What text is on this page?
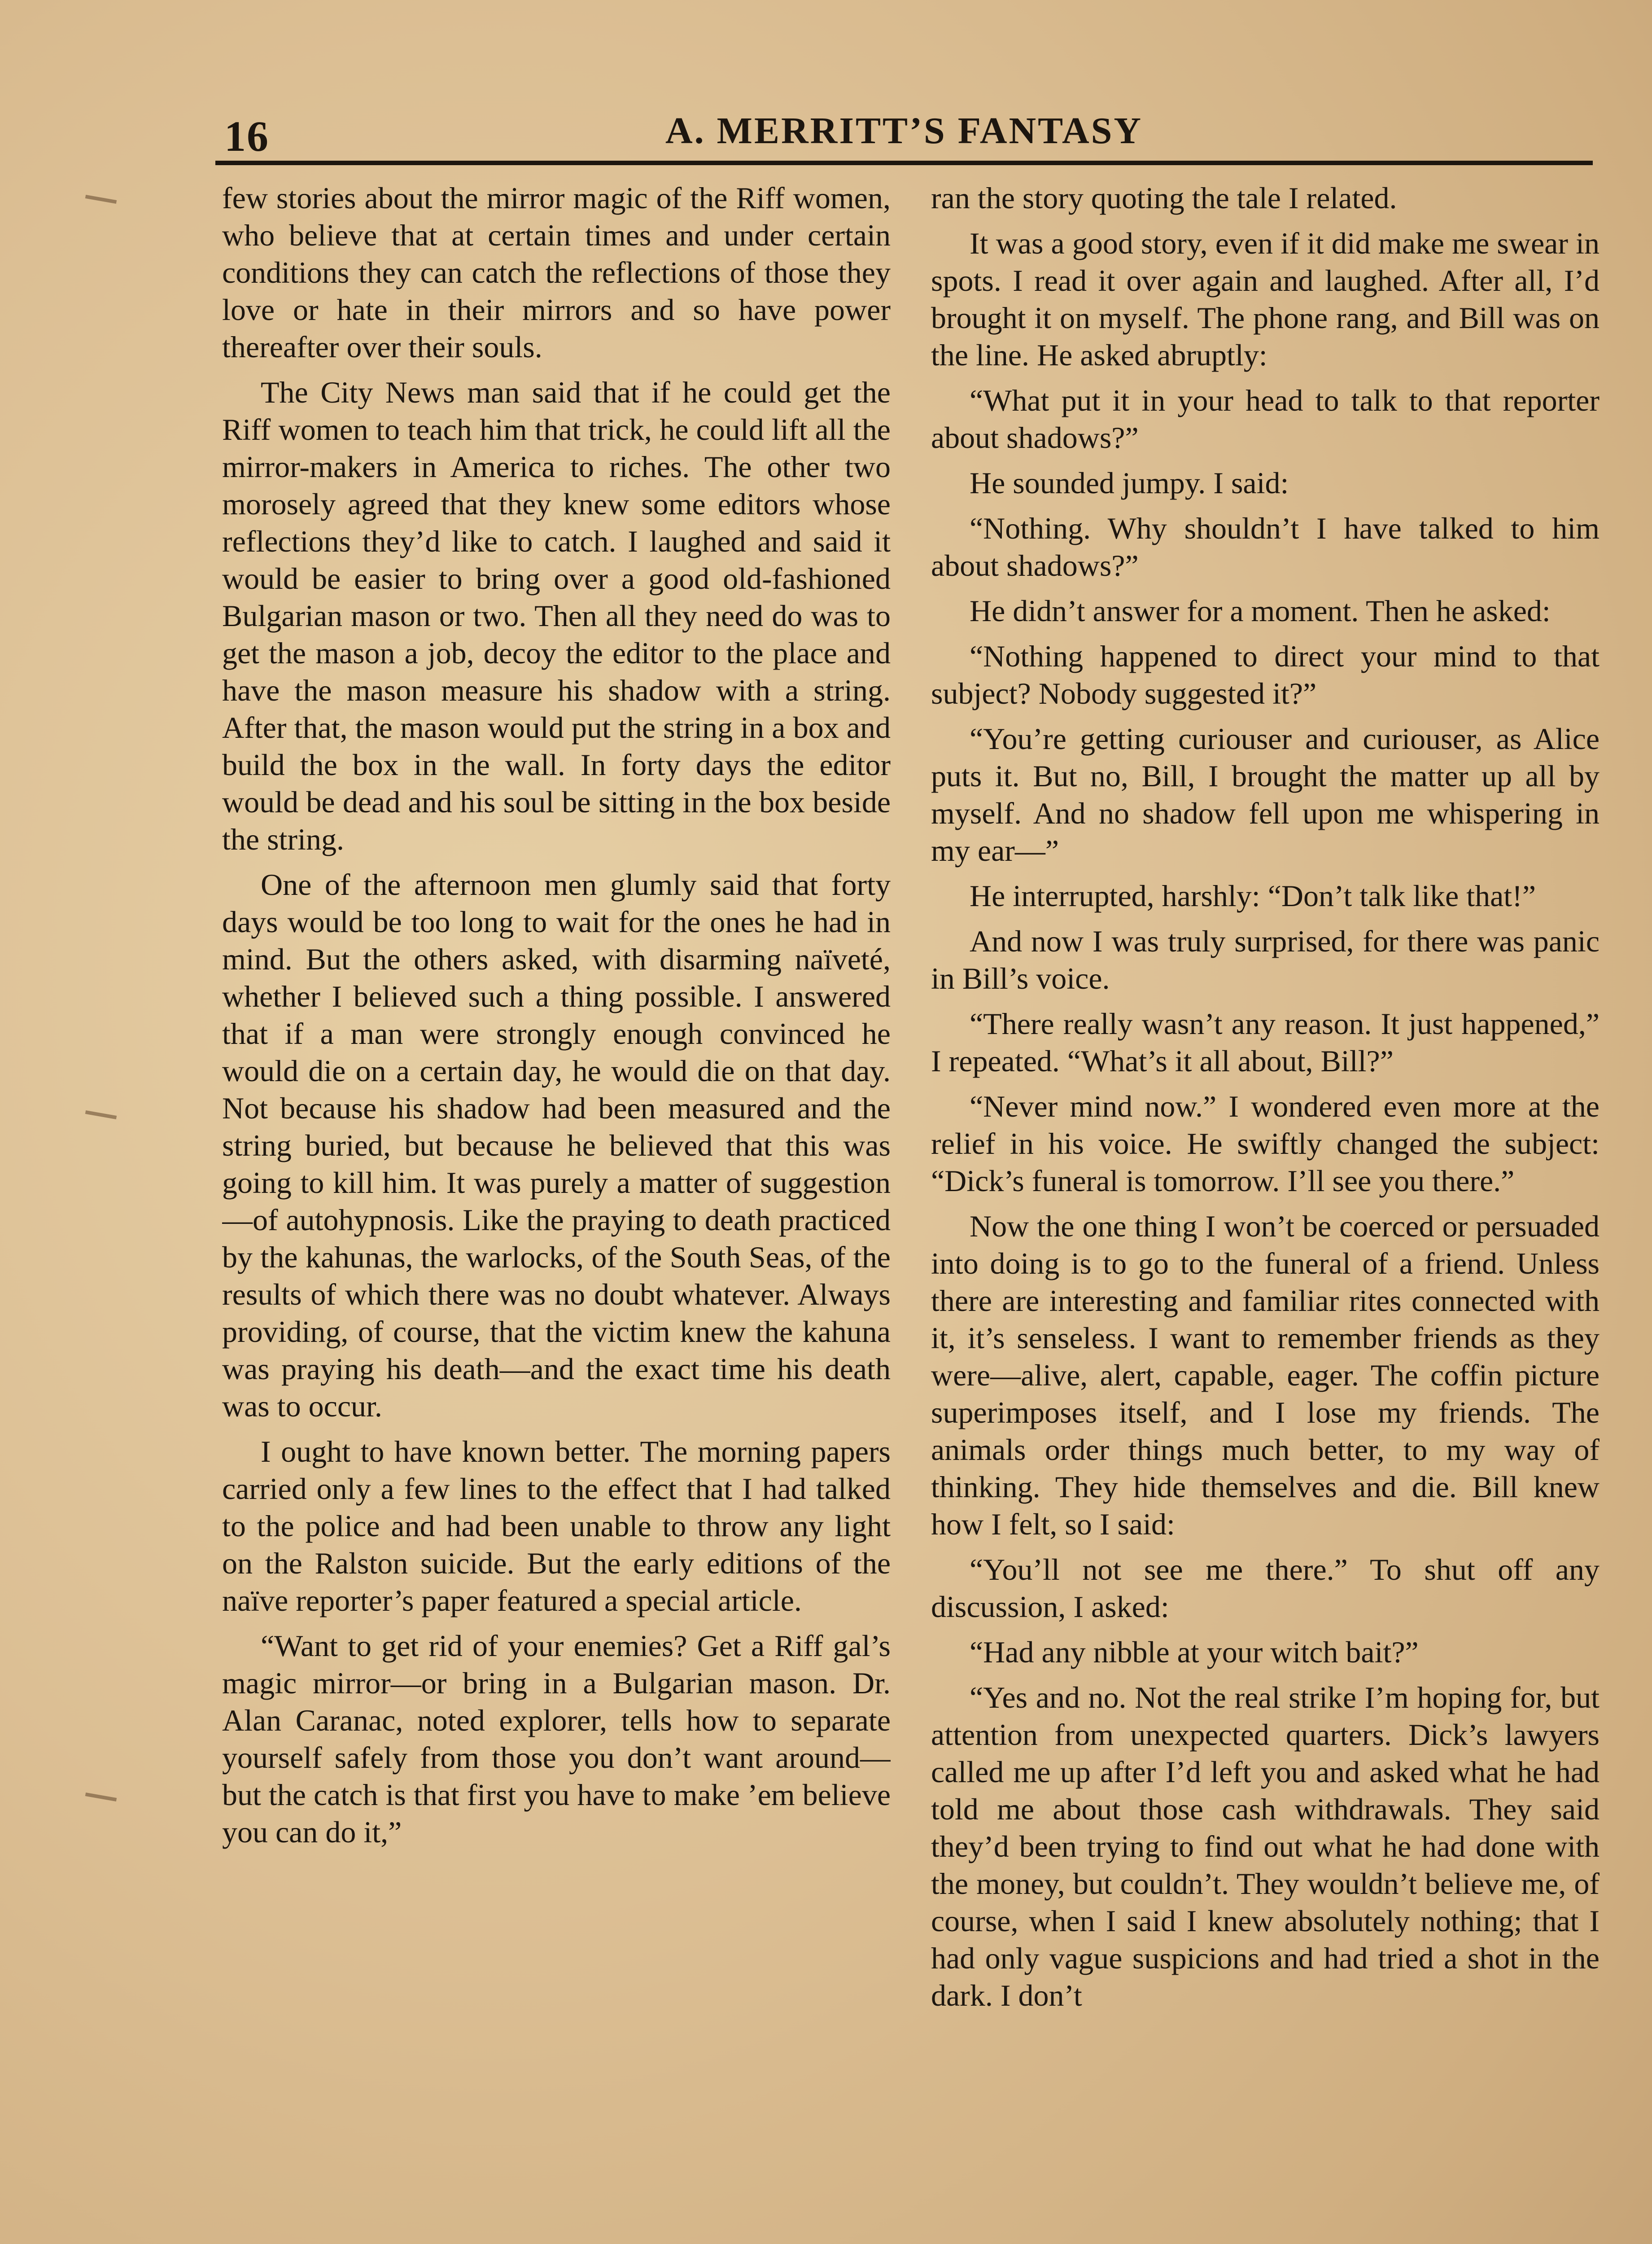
16	A. MERRITT’S FANTASY

few stories about the mirror magic of the Riff women, who believe that at certain times and under certain conditions they can catch the reflections of those they love or hate in their mirrors and so have power thereafter over their souls.

The City News man said that if he could get the Riff women to teach him that trick, he could lift all the mirror-makers in America to riches. The other two morosely agreed that they knew some editors whose reflections they’d like to catch. I laughed and said it would be easier to bring over a good old-fashioned Bulgarian mason or two. Then all they need do was to get the mason a job, decoy the editor to the place and have the mason measure his shadow with a string. After that, the mason would put the string in a box and build the box in the wall. In forty days the editor would be dead and his soul be sitting in the box beside the string.

One of the afternoon men glumly said that forty days would be too long to wait for the ones he had in mind. But the others asked, with disarming naïveté, whether I believed such a thing possible. I answered that if a man were strongly enough convinced he would die on a certain day, he would die on that day. Not because his shadow had been measured and the string buried, but because he believed that this was going to kill him. It was purely a matter of suggestion—of autohypnosis. Like the praying to death practiced by the kahunas, the warlocks, of the South Seas, of the results of which there was no doubt whatever. Always providing, of course, that the victim knew the kahuna was praying his death—and the exact time his death was to occur.

I ought to have known better. The morning papers carried only a few lines to the effect that I had talked to the police and had been unable to throw any light on the Ralston suicide. But the early editions of the naïve reporter’s paper featured a special article.

“Want to get rid of your enemies? Get a Riff gal’s magic mirror—or bring in a Bulgarian mason. Dr. Alan Caranac, noted explorer, tells how to separate yourself safely from those you don’t want around—but the catch is that first you have to make ’em believe you can do it,”

ran the story quoting the tale I related.

It was a good story, even if it did make me swear in spots. I read it over again and laughed. After all, I’d brought it on myself. The phone rang, and Bill was on the line. He asked abruptly:

“What put it in your head to talk to that reporter about shadows?”

He sounded jumpy. I said:

“Nothing. Why shouldn’t I have talked to him about shadows?”

He didn’t answer for a moment. Then he asked:

“Nothing happened to direct your mind to that subject? Nobody suggested it?”

“You’re getting curiouser and curiouser, as Alice puts it. But no, Bill, I brought the matter up all by myself. And no shadow fell upon me whispering in my ear—”

He interrupted, harshly: “Don’t talk like that!”

And now I was truly surprised, for there was panic in Bill’s voice.

“There really wasn’t any reason. It just happened,” I repeated. “What’s it all about, Bill?”

“Never mind now.” I wondered even more at the relief in his voice. He swiftly changed the subject: “Dick’s funeral is tomorrow. I’ll see you there.”

Now the one thing I won’t be coerced or persuaded into doing is to go to the funeral of a friend. Unless there are interesting and familiar rites connected with it, it’s senseless. I want to remember friends as they were—alive, alert, capable, eager. The coffin picture superimposes itself, and I lose my friends. The animals order things much better, to my way of thinking. They hide themselves and die. Bill knew how I felt, so I said:

“You’ll not see me there.” To shut off any discussion, I asked:

“Had any nibble at your witch bait?”

“Yes and no. Not the real strike I’m hoping for, but attention from unexpected quarters. Dick’s lawyers called me up after I’d left you and asked what he had told me about those cash withdrawals. They said they’d been trying to find out what he had done with the money, but couldn’t. They wouldn’t believe me, of course, when I said I knew absolutely nothing; that I had only vague suspicions and had tried a shot in the dark. I don’t
